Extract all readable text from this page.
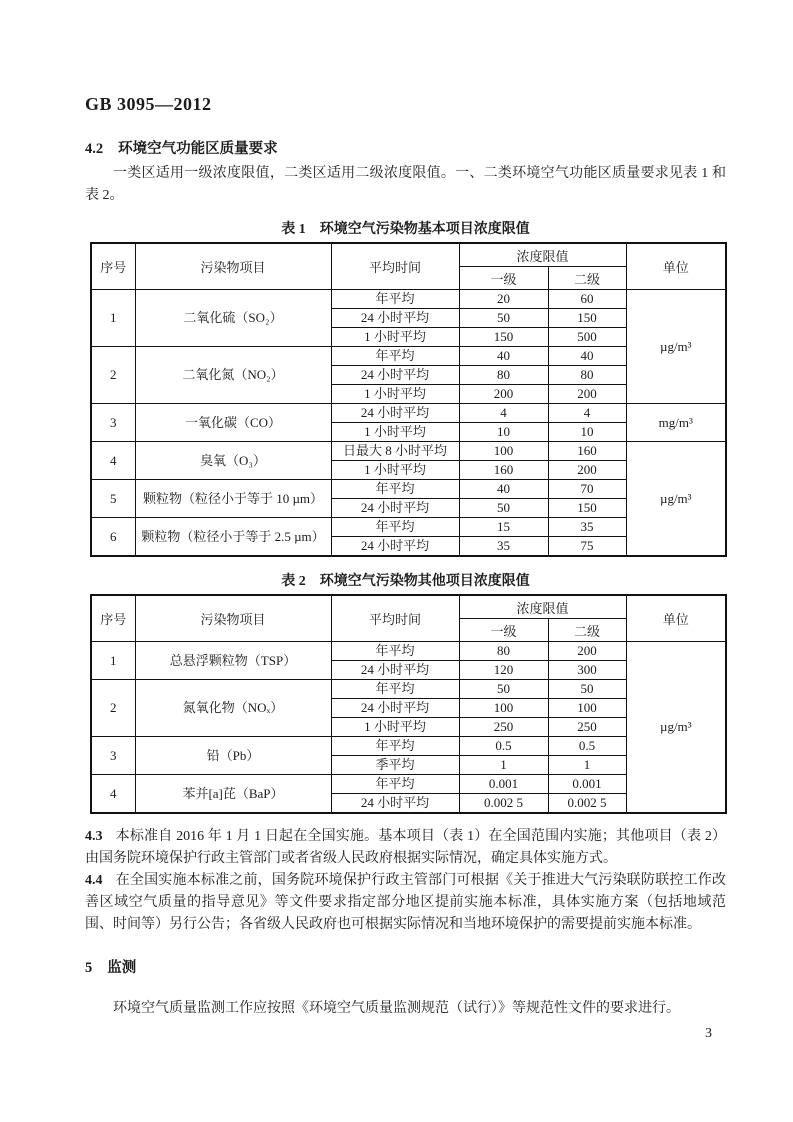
GB 3095—2012
4.2 环境空气功能区质量要求

一类区适用一级浓度限值，二类区适用二级浓度限值。一、二类环境空气功能区质量要求见表 1 和表 2。

表 1　环境空气污染物基本项目浓度限值
序号	污染物项目	平均时间	浓度限值		单位
			一级	二级	
1	二氧化硫（SO₂）	年平均	20	60	µg/m³
		24 小时平均	50	150	
		1 小时平均	150	500	
2	二氧化氮（NO₂）	年平均	40	40	
		24 小时平均	80	80	
		1 小时平均	200	200	
3	一氧化碳（CO）	24 小时平均	4	4	mg/m³
		1 小时平均	10	10	
4	臭氧（O₃）	日最大 8 小时平均	100	160	µg/m³
		1 小时平均	160	200	
5	颗粒物（粒径小于等于 10 µm）	年平均	40	70	
		24 小时平均	50	150	
6	颗粒物（粒径小于等于 2.5 µm）	年平均	15	35	
		24 小时平均	35	75	
表 2　环境空气污染物其他项目浓度限值
序号	污染物项目	平均时间	浓度限值		单位
			一级	二级	
1	总悬浮颗粒物（TSP）	年平均	80	200	µg/m³
		24 小时平均	120	300	
2	氮氧化物（NOₓ）	年平均	50	50	
		24 小时平均	100	100	
		1 小时平均	250	250	
3	铅（Pb）	年平均	0.5	0.5	
		季平均	1	1	
4	苯并[a]芘（BaP）	年平均	0.001	0.001	
		24 小时平均	0.002 5	0.002 5	

4.3 本标准自 2016 年 1 月 1 日起在全国实施。基本项目（表 1）在全国范围内实施；其他项目（表 2）由国务院环境保护行政主管部门或者省级人民政府根据实际情况，确定具体实施方式。

4.4 在全国实施本标准之前，国务院环境保护行政主管部门可根据《关于推进大气污染联防联控工作改善区域空气质量的指导意见》等文件要求指定部分地区提前实施本标准，具体实施方案（包括地域范围、时间等）另行公告；各省级人民政府也可根据实际情况和当地环境保护的需要提前实施本标准。

5 监测

环境空气质量监测工作应按照《环境空气质量监测规范（试行）》等规范性文件的要求进行。

3
